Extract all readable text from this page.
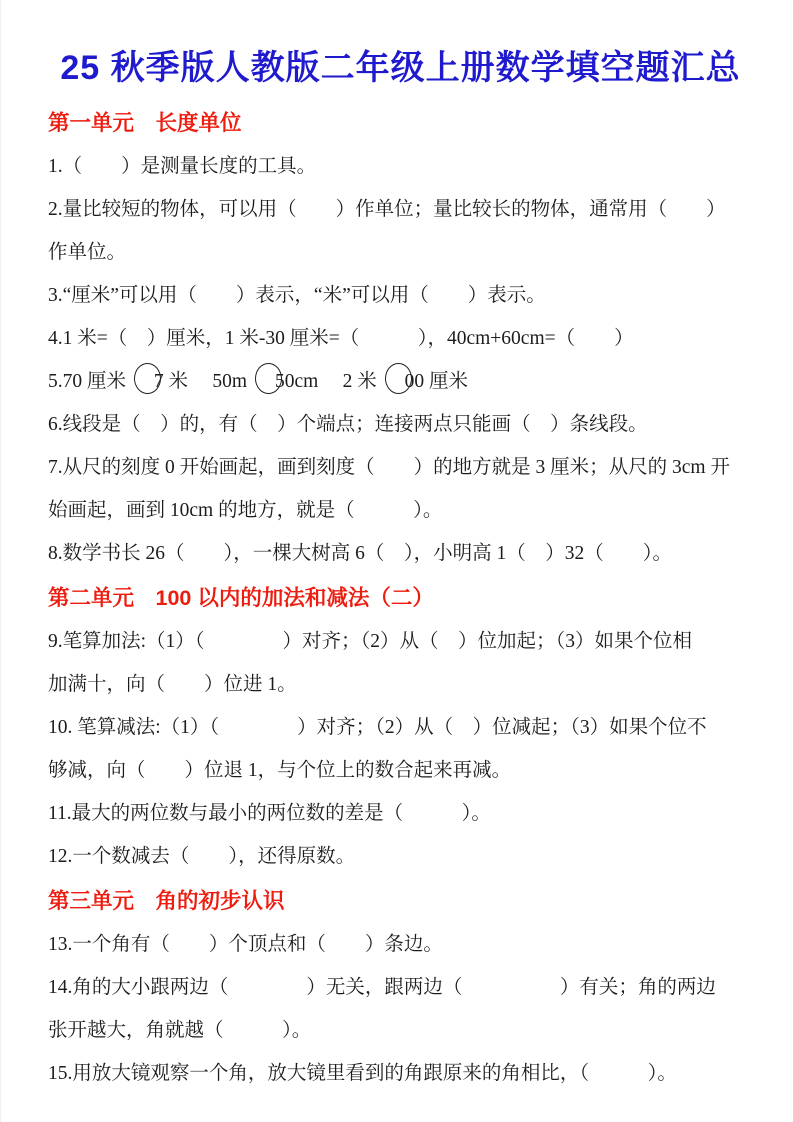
25 秋季版人教版二年级上册数学填空题汇总
第一单元　长度单位
1.（　　）是测量长度的工具。
2.量比较短的物体，可以用（　　）作单位；量比较长的物体，通常用（　　）
作单位。
3.“厘米”可以用（　　）表示，“米”可以用（　　）表示。
4.1 米=（　）厘米，1 米-30 厘米=（　　　），40cm+60cm=（　　）
5.70 厘米 7 米　 50m 50cm　 2 米 00 厘米
6.线段是（　）的，有（　）个端点；连接两点只能画（　）条线段。
7.从尺的刻度 0 开始画起，画到刻度（　　）的地方就是 3 厘米；从尺的 3cm 开
始画起，画到 10cm 的地方，就是（　　　）。
8.数学书长 26（　　），一棵大树高 6（　），小明高 1（　）32（　　）。
第二单元　100 以内的加法和减法（二）
9.笔算加法:（1）（　　　　）对齐；（2）从（　）位加起；（3）如果个位相
加满十，向（　　）位进 1。
10. 笔算减法:（1）（　　　　）对齐；（2）从（　）位减起；（3）如果个位不
够减，向（　　）位退 1，与个位上的数合起来再减。
11.最大的两位数与最小的两位数的差是（　　　）。
12.一个数减去（　　），还得原数。
第三单元　角的初步认识
13.一个角有（　　）个顶点和（　　）条边。
14.角的大小跟两边（　　　　）无关，跟两边（　　　　　）有关；角的两边
张开越大，角就越（　　　）。
15.用放大镜观察一个角，放大镜里看到的角跟原来的角相比，（　　　）。
